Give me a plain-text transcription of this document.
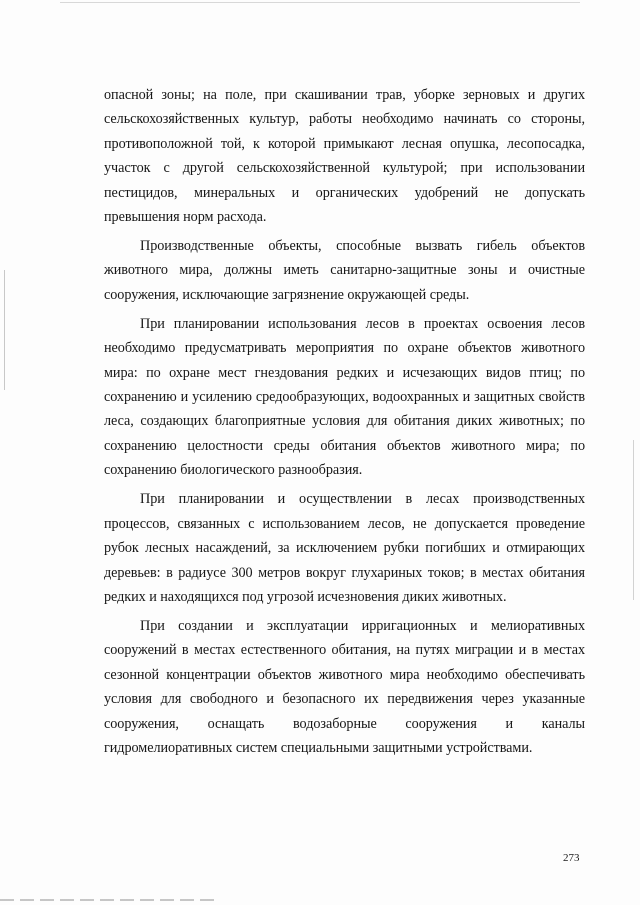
опасной зоны; на поле, при скашивании трав, уборке зерновых и других сельскохозяйственных культур, работы необходимо начинать со стороны, противоположной той, к которой примыкают лесная опушка, лесопосадка, участок с другой сельскохозяйственной культурой; при использовании пестицидов, минеральных и органических удобрений не допускать превышения норм расхода.

Производственные объекты, способные вызвать гибель объектов животного мира, должны иметь санитарно-защитные зоны и очистные сооружения, исключающие загрязнение окружающей среды.

При планировании использования лесов в проектах освоения лесов необходимо предусматривать мероприятия по охране объектов животного мира: по охране мест гнездования редких и исчезающих видов птиц; по сохранению и усилению средообразующих, водоохранных и защитных свойств леса, создающих благоприятные условия для обитания диких животных; по сохранению целостности среды обитания объектов животного мира; по сохранению биологического разнообразия.

При планировании и осуществлении в лесах производственных процессов, связанных с использованием лесов, не допускается проведение рубок лесных насаждений, за исключением рубки погибших и отмирающих деревьев: в радиусе 300 метров вокруг глухариных токов; в местах обитания редких и находящихся под угрозой исчезновения диких животных.

При создании и эксплуатации ирригационных и мелиоративных сооружений в местах естественного обитания, на путях миграции и в местах сезонной концентрации объектов животного мира необходимо обеспечивать условия для свободного и безопасного их передвижения через указанные сооружения, оснащать водозаборные сооружения и каналы гидромелиоративных систем специальными защитными устройствами.

273
